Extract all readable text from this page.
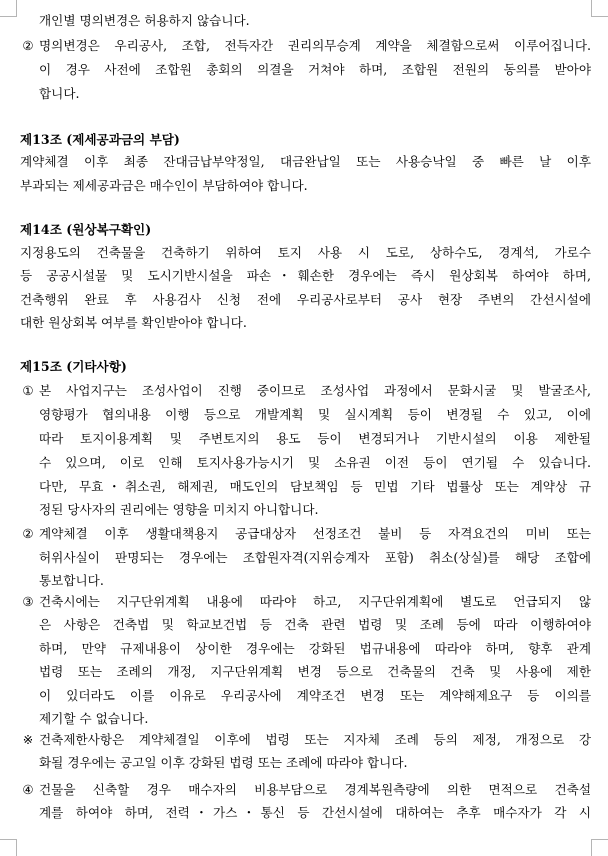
개인별 명의변경은 허용하지 않습니다.
② 명의변경은 우리공사, 조합, 전득자간 권리의무승계 계약을 체결함으로써 이루어집니다.
이 경우 사전에 조합원 총회의 의결을 거쳐야 하며, 조합원 전원의 동의를 받아야
합니다.
제13조 (제세공과금의 부담)
계약체결 이후 최종 잔대금납부약정일, 대금완납일 또는 사용승낙일 중 빠른 날 이후
부과되는 제세공과금은 매수인이 부담하여야 합니다.
제14조 (원상복구확인)
지정용도의 건축물을 건축하기 위하여 토지 사용 시 도로, 상하수도, 경계석, 가로수
등 공공시설물 및 도시기반시설을 파손･훼손한 경우에는 즉시 원상회복 하여야 하며,
건축행위 완료 후 사용검사 신청 전에 우리공사로부터 공사 현장 주변의 간선시설에
대한 원상회복 여부를 확인받아야 합니다.
제15조 (기타사항)
① 본 사업지구는 조성사업이 진행 중이므로 조성사업 과정에서 문화시굴 및 발굴조사,
영향평가 협의내용 이행 등으로 개발계획 및 실시계획 등이 변경될 수 있고, 이에
따라 토지이용계획 및 주변토지의 용도 등이 변경되거나 기반시설의 이용 제한될
수 있으며, 이로 인해 토지사용가능시기 및 소유권 이전 등이 연기될 수 있습니다.
다만, 무효･취소권, 해제권, 매도인의 담보책임 등 민법 기타 법률상 또는 계약상 규
정된 당사자의 권리에는 영향을 미치지 아니합니다.
② 계약체결 이후 생활대책용지 공급대상자 선정조건 불비 등 자격요건의 미비 또는
허위사실이 판명되는 경우에는 조합원자격(지위승계자 포함) 취소(상실)를 해당 조합에
통보합니다.
③ 건축시에는 지구단위계획 내용에 따라야 하고, 지구단위계획에 별도로 언급되지 않
은 사항은 건축법 및 학교보건법 등 건축 관련 법령 및 조례 등에 따라 이행하여야
하며, 만약 규제내용이 상이한 경우에는 강화된 법규내용에 따라야 하며, 향후 관계
법령 또는 조례의 개정, 지구단위계획 변경 등으로 건축물의 건축 및 사용에 제한
이 있더라도 이를 이유로 우리공사에 계약조건 변경 또는 계약해제요구 등 이의를
제기할 수 없습니다.
※ 건축제한사항은 계약체결일 이후에 법령 또는 지자체 조례 등의 제정, 개정으로 강
화될 경우에는 공고일 이후 강화된 법령 또는 조례에 따라야 합니다.
④ 건물을 신축할 경우 매수자의 비용부담으로 경계복원측량에 의한 면적으로 건축설
계를 하여야 하며, 전력･가스･통신 등 간선시설에 대하여는 추후 매수자가 각 시
